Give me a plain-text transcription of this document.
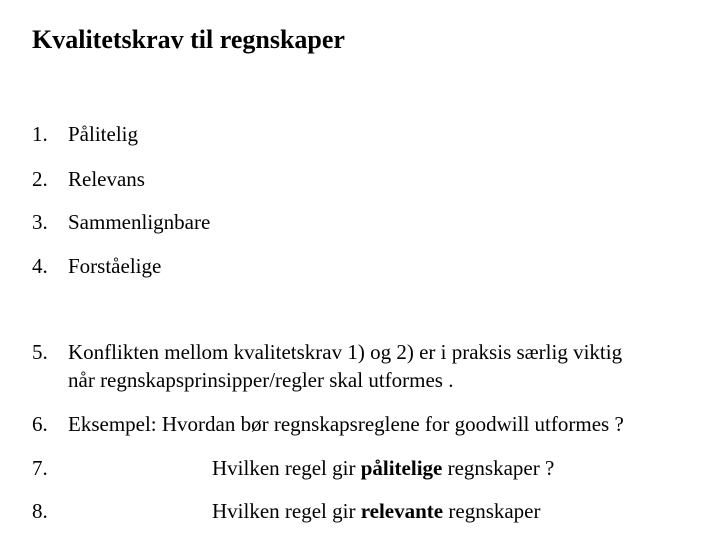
Kvalitetskrav til regnskaper
1. Pålitelig
2. Relevans
3. Sammenlignbare
4. Forståelige
5. Konflikten mellom kvalitetskrav 1) og 2) er i praksis særlig viktig
når regnskapsprinsipper/regler skal utformes .
6. Eksempel: Hvordan bør regnskapsreglene for goodwill utformes ?
7.	Hvilken regel gir pålitelige regnskaper ?
8.	Hvilken regel gir relevante regnskaper
